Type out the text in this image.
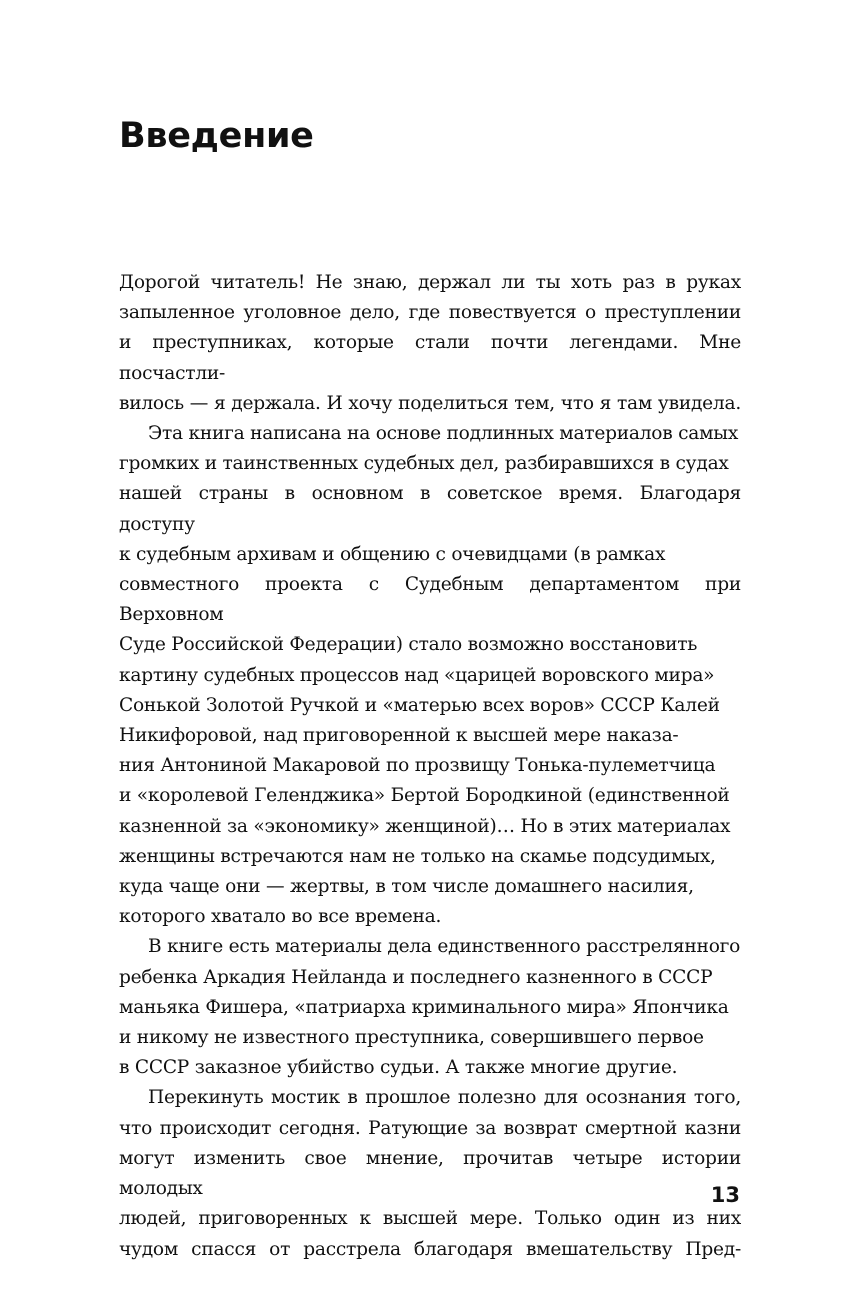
Введение

Дорогой читатель! Не знаю, держал ли ты хоть раз в руках
запыленное уголовное дело, где повествуется о преступлении
и преступниках, которые стали почти легендами. Мне посчастли-
вилось — я держала. И хочу поделиться тем, что я там увидела.

Эта книга написана на основе подлинных материалов самых
громких и таинственных судебных дел, разбиравшихся в судах
нашей страны в основном в советское время. Благодаря доступу
к судебным архивам и общению с очевидцами (в рамках
совместного проекта с Судебным департаментом при Верховном
Суде Российской Федерации) стало возможно восстановить
картину судебных процессов над «царицей воровского мира»
Сонькой Золотой Ручкой и «матерью всех воров» СССР Калей
Никифоровой, над приговоренной к высшей мере наказа-
ния Антониной Макаровой по прозвищу Тонька-пулеметчица
и «королевой Геленджика» Бертой Бородкиной (единственной
казненной за «экономику» женщиной)… Но в этих материалах
женщины встречаются нам не только на скамье подсудимых,
куда чаще они — жертвы, в том числе домашнего насилия,
которого хватало во все времена.

В книге есть материалы дела единственного расстрелянного
ребенка Аркадия Нейланда и последнего казненного в СССР
маньяка Фишера, «патриарха криминального мира» Япончика
и никому не известного преступника, совершившего первое
в СССР заказное убийство судьи. А также многие другие.

Перекинуть мостик в прошлое полезно для осознания того,
что происходит сегодня. Ратующие за возврат смертной казни
могут изменить свое мнение, прочитав четыре истории молодых
людей, приговоренных к высшей мере. Только один из них
чудом спасся от расстрела благодаря вмешательству Пред-

13
